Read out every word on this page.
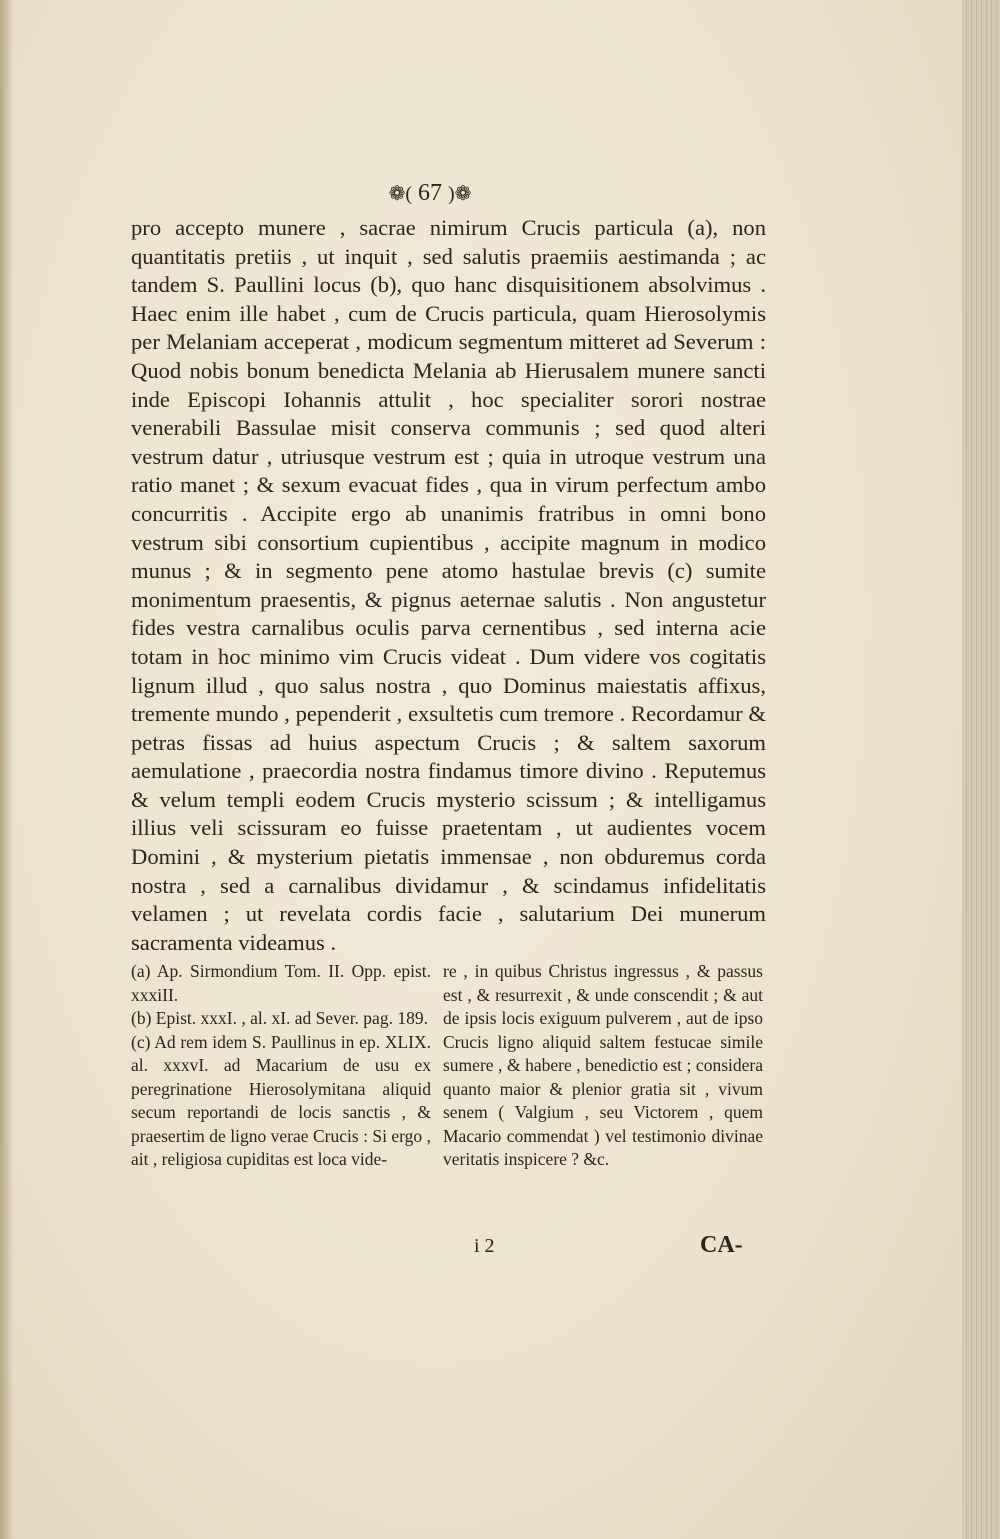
❁( 67 )❁

pro accepto munere , sacrae nimirum Crucis particula (a), non quantitatis pretiis , ut inquit , sed salutis praemiis aestimanda ; ac tandem S. Paullini locus (b), quo hanc disquisitionem absolvimus . Haec enim ille habet , cum de Crucis particula, quam Hierosolymis per Melaniam acceperat , modicum segmentum mitteret ad Severum : Quod nobis bonum benedicta Melania ab Hierusalem munere sancti inde Episcopi Iohannis attulit , hoc specialiter sorori nostrae venerabili Bassulae misit conserva communis ; sed quod alteri vestrum datur , utriusque vestrum est ; quia in utroque vestrum una ratio manet ; & sexum evacuat fides , qua in virum perfectum ambo concurritis . Accipite ergo ab unanimis fratribus in omni bono vestrum sibi consortium cupientibus , accipite magnum in modico munus ; & in segmento pene atomo hastulae brevis (c) sumite monimentum praesentis, & pignus aeternae salutis . Non angustetur fides vestra carnalibus oculis parva cernentibus , sed interna acie totam in hoc minimo vim Crucis videat . Dum videre vos cogitatis lignum illud , quo salus nostra , quo Dominus maiestatis affixus, tremente mundo , pependerit , exsultetis cum tremore . Recordamur & petras fissas ad huius aspectum Crucis ; & saltem saxorum aemulatione , praecordia nostra findamus timore divino . Reputemus & velum templi eodem Crucis mysterio scissum ; & intelligamus illius veli scissuram eo fuisse praetentam , ut audientes vocem Domini , & mysterium pietatis immensae , non obduremus corda nostra , sed a carnalibus dividamur , & scindamus infidelitatis velamen ; ut revelata cordis facie , salutarium Dei munerum sacramenta videamus .

(a) Ap. Sirmondium Tom. II. Opp. epist. xxxiII.

(b) Epist. xxxI. , al. xI. ad Sever. pag. 189.

(c) Ad rem idem S. Paullinus in ep. XLIX. al. xxxvI. ad Macarium de usu ex peregrinatione Hierosolymitana aliquid secum reportandi de locis sanctis , & praesertim de ligno verae Crucis : Si ergo , ait , religiosa cupiditas est loca vide-

re , in quibus Christus ingressus , & passus est , & resurrexit , & unde conscendit ; & aut de ipsis locis exiguum pulverem , aut de ipso Crucis ligno aliquid saltem festucae simile sumere , & habere , benedictio est ; considera quanto maior & plenior gratia sit , vivum senem ( Valgium , seu Victorem , quem Macario commendat ) vel testimonio divinae veritatis inspicere ? &c.

i 2	CA-
